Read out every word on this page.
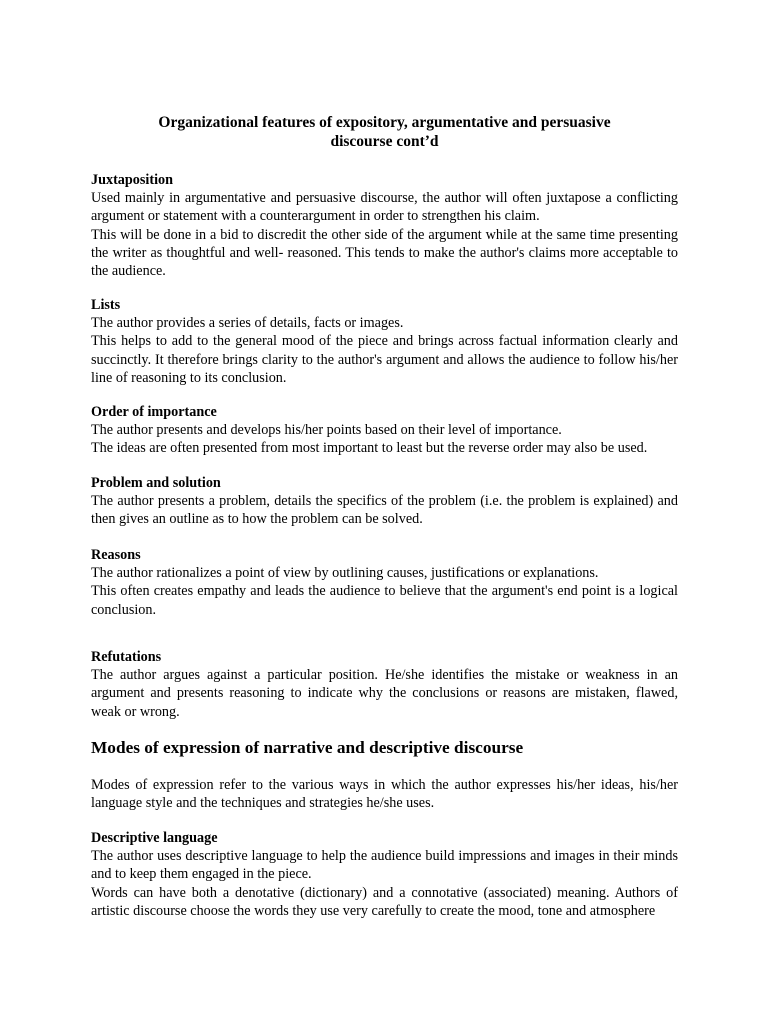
Organizational features of expository, argumentative and persuasive
discourse cont’d
Juxtaposition
Used mainly in argumentative and persuasive discourse, the author will often juxtapose a conflicting argument or statement with a counterargument in order to strengthen his claim.
This will be done in a bid to discredit the other side of the argument while at the same time presenting the writer as thoughtful and well- reasoned. This tends to make the author's claims more acceptable to the audience.
Lists
The author provides a series of details, facts or images.
This helps to add to the general mood of the piece and brings across factual information clearly and succinctly. It therefore brings clarity to the author's argument and allows the audience to follow his/her line of reasoning to its conclusion.
Order of importance
The author presents and develops his/her points based on their level of importance.
The ideas are often presented from most important to least but the reverse order may also be used.
Problem and solution
The author presents a problem, details the specifics of the problem (i.e. the problem is explained) and then gives an outline as to how the problem can be solved.
Reasons
The author rationalizes a point of view by outlining causes, justifications or explanations.
This often creates empathy and leads the audience to believe that the argument's end point is a logical conclusion.
Refutations
The author argues against a particular position. He/she identifies the mistake or weakness in an argument and presents reasoning to indicate why the conclusions or reasons are mistaken, flawed, weak or wrong.
Modes of expression of narrative and descriptive discourse
Modes of expression refer to the various ways in which the author expresses his/her ideas, his/her language style and the techniques and strategies he/she uses.
Descriptive language
The author uses descriptive language to help the audience build impressions and images in their minds and to keep them engaged in the piece.
Words can have both a denotative (dictionary) and a connotative (associated) meaning. Authors of artistic discourse choose the words they use very carefully to create the mood, tone and atmosphere
